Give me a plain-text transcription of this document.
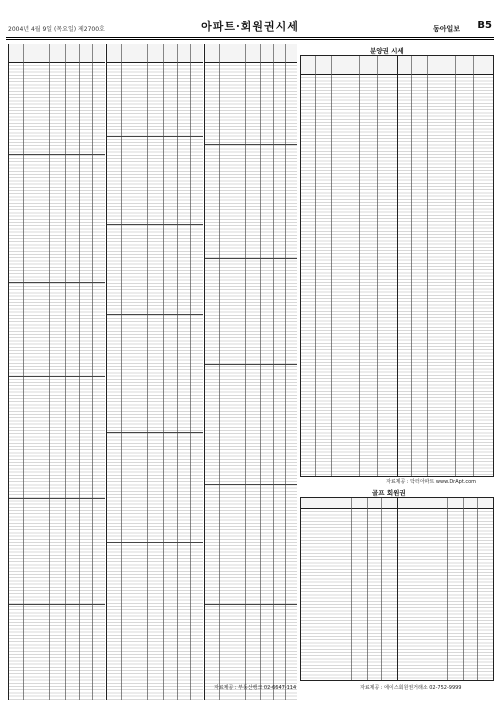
2004년 4월 9일 (목요일) 제2700호	아파트·회원권시세	동아일보 B5
자료제공 : 부동산뱅크 02-6647-114
분양권 시세
자료제공 : 닥터아파트 www.DrApt.com
골프 회원권
자료제공 : 에이스회원권거래소 02-752-9999
